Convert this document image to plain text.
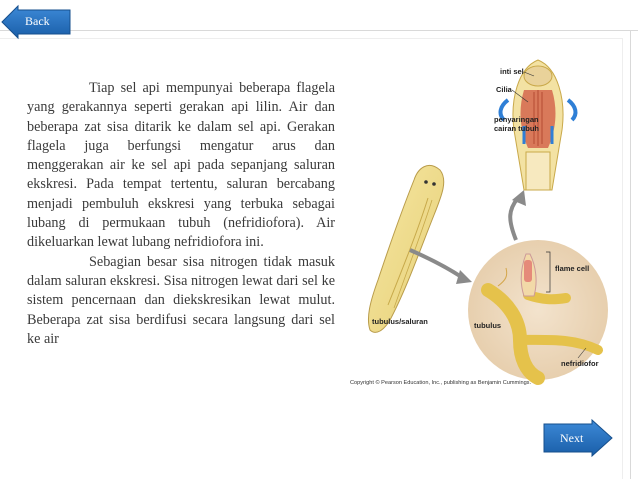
Back

Tiap sel api mempunyai beberapa flagela yang gerakannya seperti gerakan api lilin. Air dan beberapa zat sisa ditarik ke dalam sel api. Gerakan flagela juga berfungsi mengatur arus dan menggerakan air ke sel api pada sepanjang saluran ekskresi. Pada tempat tertentu, saluran bercabang menjadi pembuluh ekskresi yang terbuka sebagai lubang di permukaan tubuh (nefridiofora). Air dikeluarkan lewat lubang nefridiofora ini.

Sebagian besar sisa nitrogen tidak masuk dalam saluran ekskresi. Sisa nitrogen lewat dari sel ke sistem pencernaan dan diekskresikan lewat mulut. Beberapa zat sisa berdifusi secara langsung dari sel ke air

inti sel
Cilia
penyaringan
cairan tubuh
flame cell
tubulus/saluran	tubulus
nefridiofor
Copyright © Pearson Education, Inc., publishing as Benjamin Cummings.
Next
